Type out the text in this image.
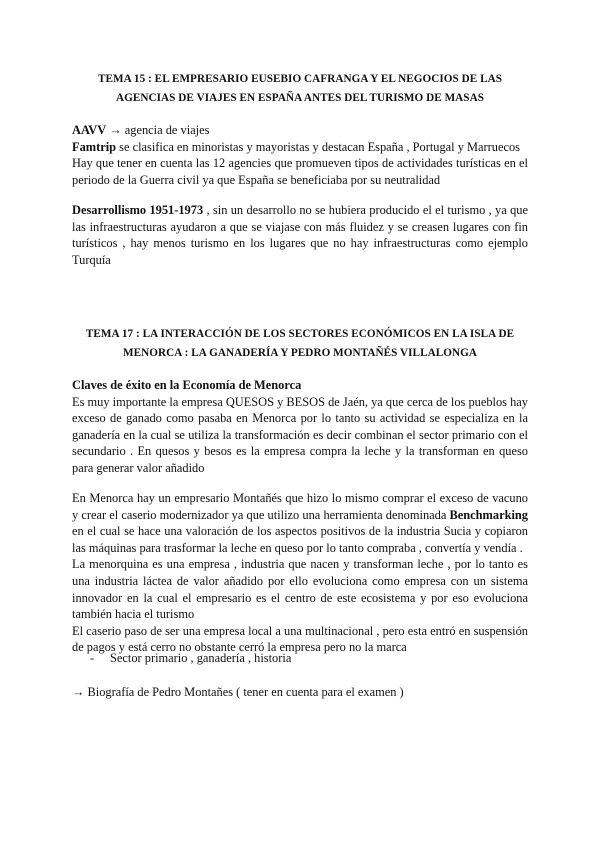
TEMA 15 : EL EMPRESARIO EUSEBIO CAFRANGA Y EL NEGOCIOS DE LAS AGENCIAS DE VIAJES EN ESPAÑA ANTES DEL TURISMO DE MASAS

AAVV → agencia de viajes

Famtrip se clasifica en minoristas y mayoristas y destacan España , Portugal y Marruecos

Hay que tener en cuenta las 12 agencies que promueven tipos de actividades turísticas en el periodo de la Guerra civil ya que España se beneficiaba por su neutralidad

Desarrollismo 1951-1973 , sin un desarrollo no se hubiera producido el el turismo , ya que las infraestructuras ayudaron a que se viajase con más fluidez y se creasen lugares con fin turísticos , hay menos turismo en los lugares que no hay infraestructuras como ejemplo Turquía

TEMA 17 : LA INTERACCIÓN DE LOS SECTORES ECONÓMICOS EN LA ISLA DE MENORCA : LA GANADERÍA Y PEDRO MONTAÑÉS VILLALONGA

Claves de éxito en la Economía de Menorca

Es muy importante la empresa QUESOS y BESOS de Jaén, ya que cerca de los pueblos hay exceso de ganado como pasaba en Menorca por lo tanto su actividad se especializa en la ganadería en la cual se utiliza la transformación es decir combinan el sector primario con el secundario . En quesos y besos es la empresa compra la leche y la transforman en queso para generar valor añadido

En Menorca hay un empresario Montañés que hizo lo mismo comprar el exceso de vacuno y crear el caserio modernizador ya que utilizo una herramienta denominada Benchmarking en el cual se hace una valoración de los aspectos positivos de la industria Sucia y copiaron las máquinas para trasformar la leche en queso por lo tanto compraba , convertía y vendía .

La menorquina es una empresa , industria que nacen y transforman leche , por lo tanto es una industria láctea de valor añadido por ello evoluciona como empresa con un sistema innovador en la cual el empresario es el centro de este ecosistema y por eso evoluciona también hacia el turismo

El caserio paso de ser una empresa local a una multinacional , pero esta entró en suspensión de pagos y está cerro no obstante cerró la empresa pero no la marca

- Sector primario , ganadería , historia

→ Biografía de Pedro Montañes ( tener en cuenta para el examen )
